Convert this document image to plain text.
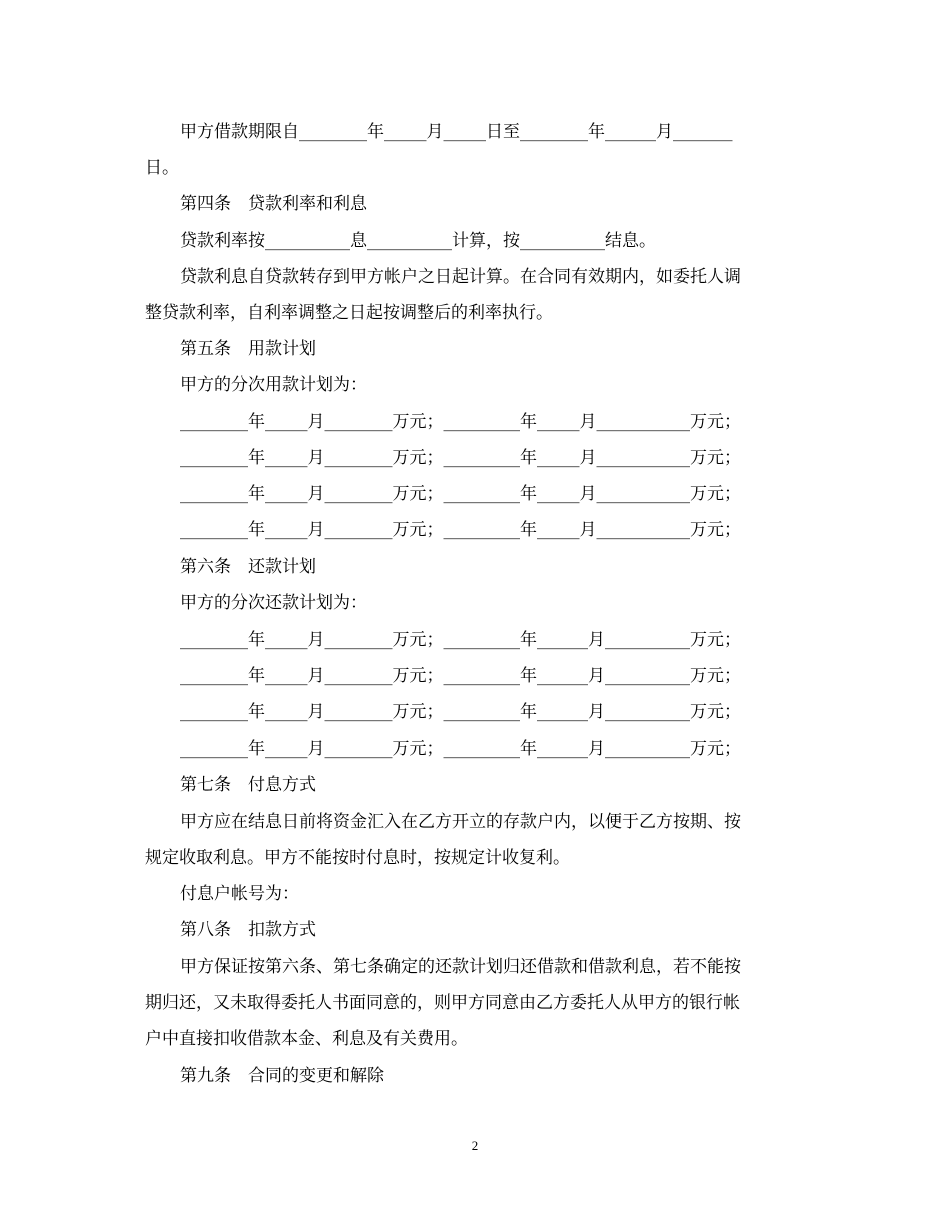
甲方借款期限自________年_____月_____日至________年______月_______
日。
第四条　贷款利率和利息
贷款利率按__________息__________计算，按__________结息。
贷款利息自贷款转存到甲方帐户之日起计算。在合同有效期内，如委托人调
整贷款利率，自利率调整之日起按调整后的利率执行。
第五条　用款计划
甲方的分次用款计划为：
________年_____月________万元；_________年_____月___________万元；
________年_____月________万元；_________年_____月___________万元；
________年_____月________万元；_________年_____月___________万元；
________年_____月________万元；_________年_____月___________万元；
第六条　还款计划
甲方的分次还款计划为：
________年_____月________万元；_________年______月__________万元；
________年_____月________万元；_________年______月__________万元；
________年_____月________万元；_________年______月__________万元；
________年_____月________万元；_________年______月__________万元；
第七条　付息方式
甲方应在结息日前将资金汇入在乙方开立的存款户内，以便于乙方按期、按
规定收取利息。甲方不能按时付息时，按规定计收复利。
付息户帐号为：
第八条　扣款方式
甲方保证按第六条、第七条确定的还款计划归还借款和借款利息，若不能按
期归还，又未取得委托人书面同意的，则甲方同意由乙方委托人从甲方的银行帐
户中直接扣收借款本金、利息及有关费用。
第九条　合同的变更和解除
2
